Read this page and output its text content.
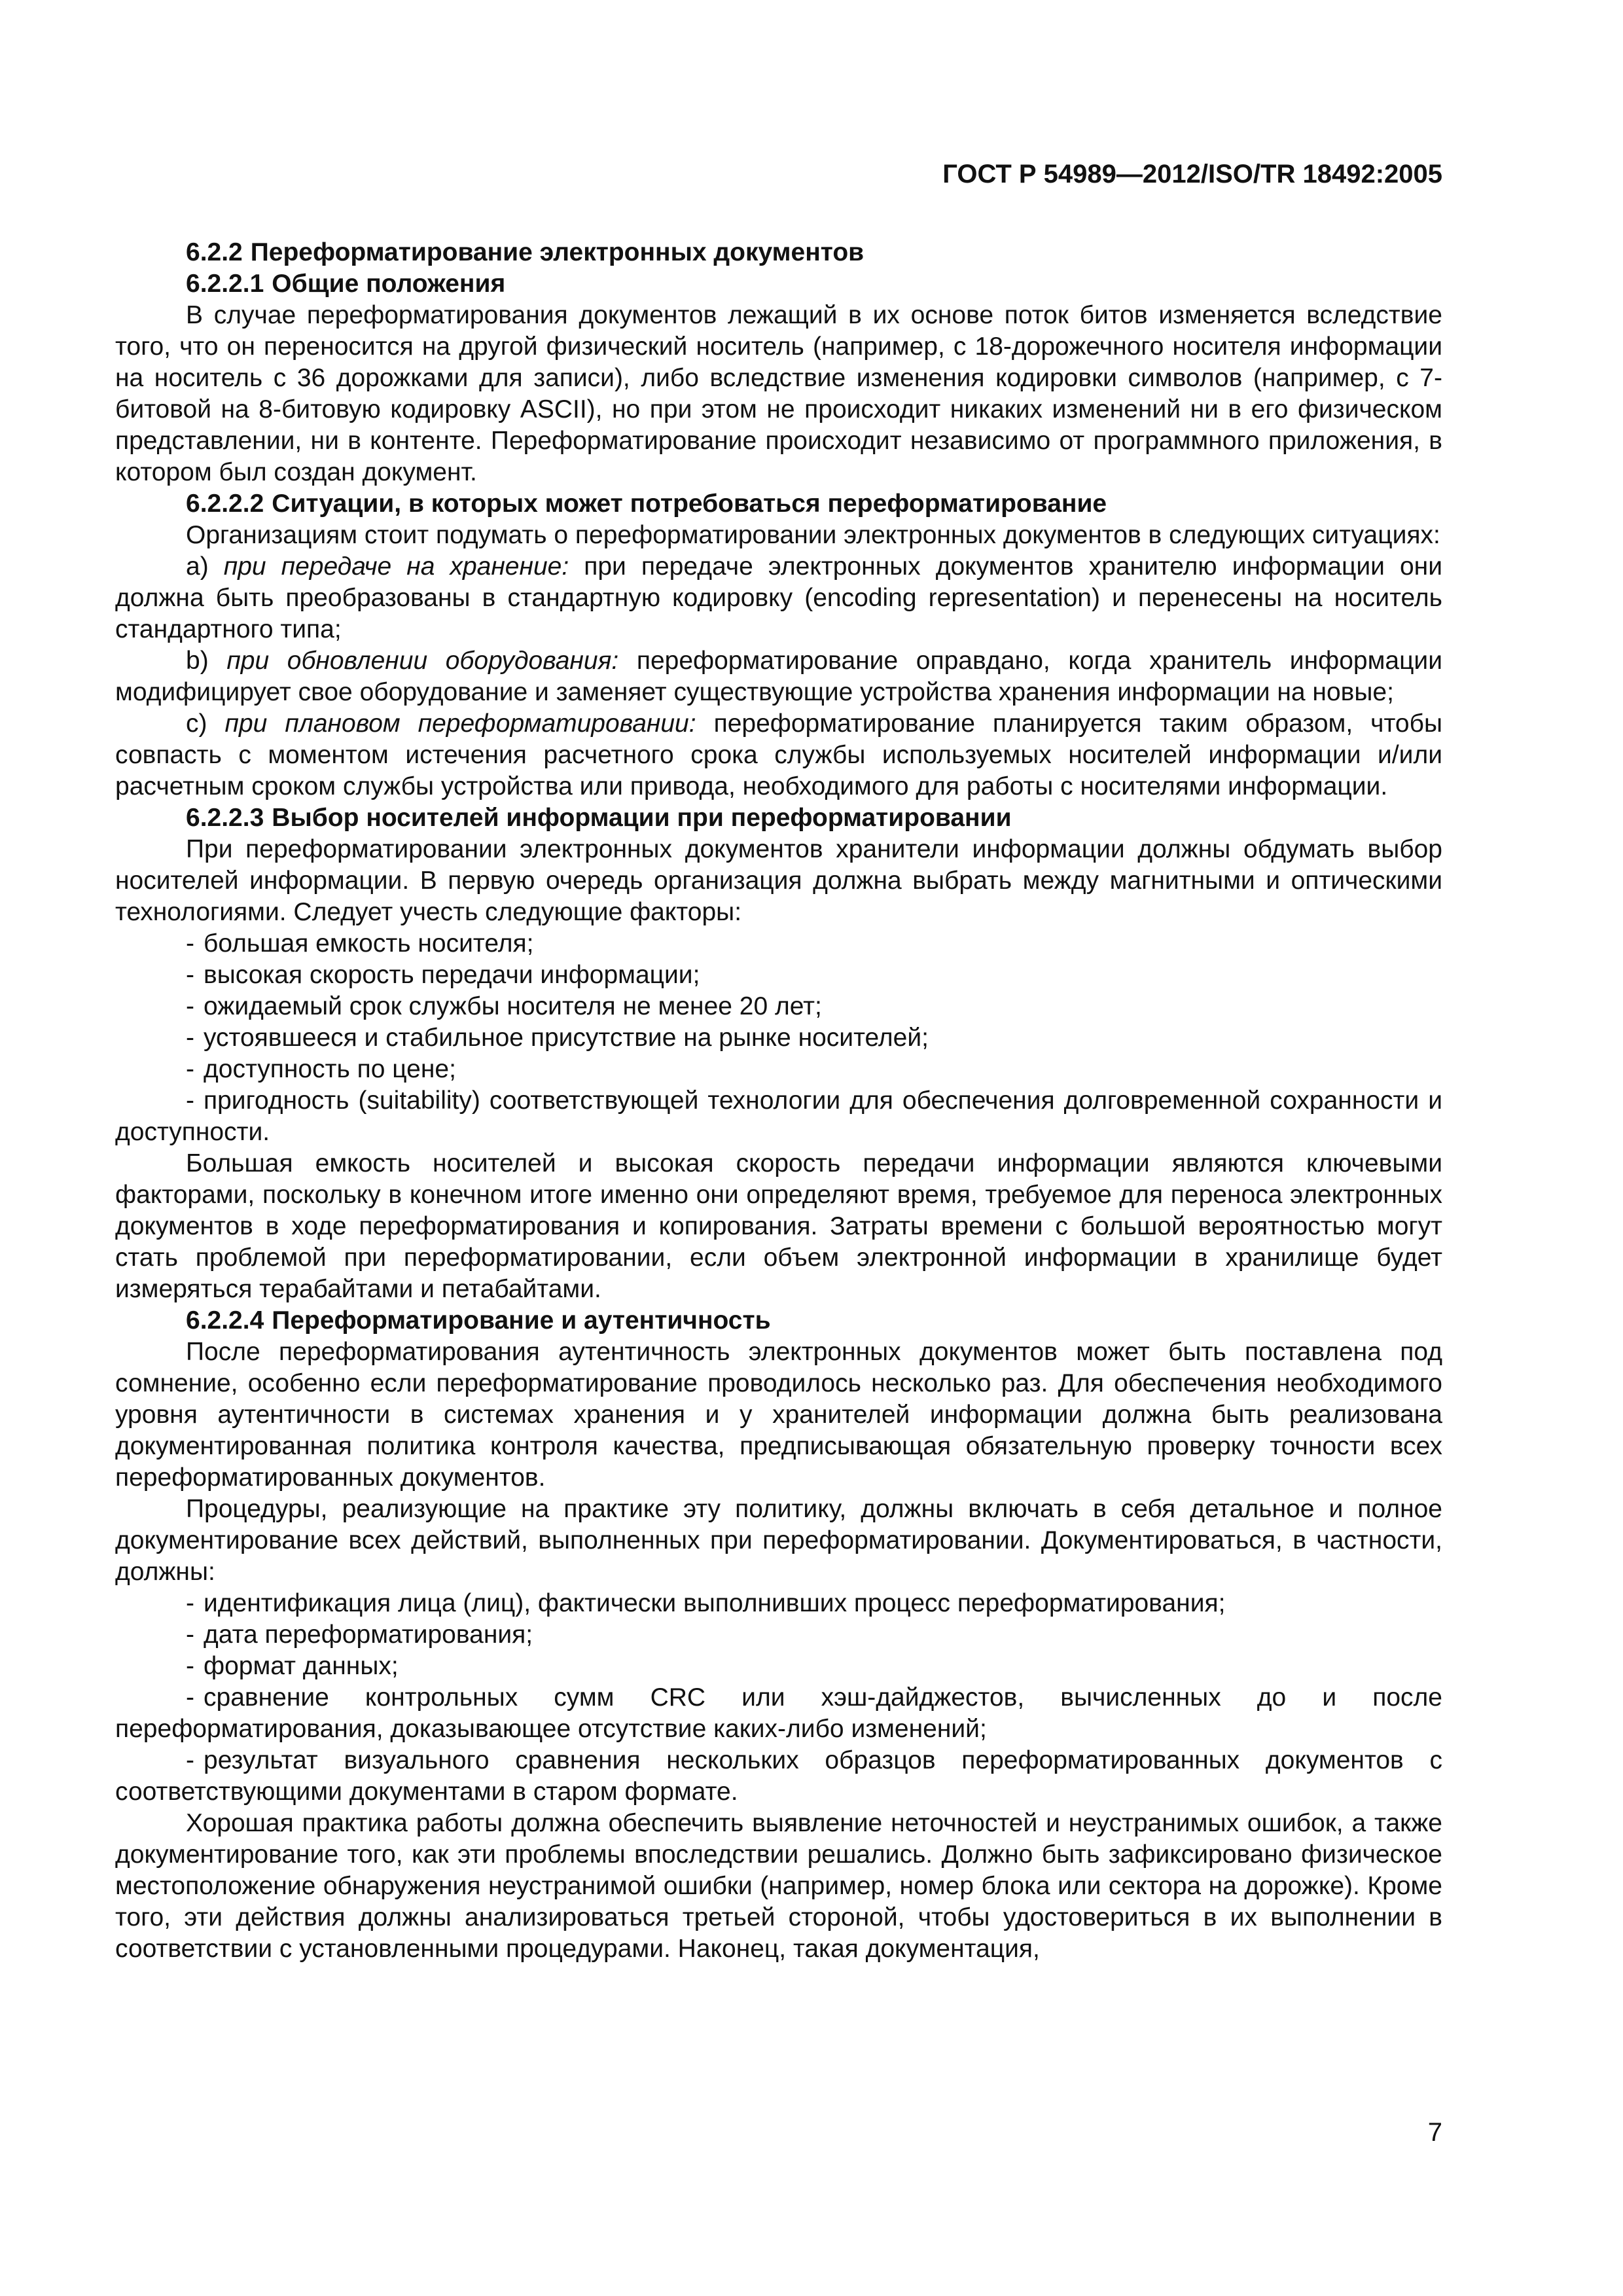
ГОСТ Р 54989—2012/ISO/TR 18492:2005

6.2.2 Переформатирование электронных документов

6.2.2.1 Общие положения

В случае переформатирования документов лежащий в их основе поток битов изменяется вследствие того, что он переносится на другой физический носитель (например, с 18-дорожечного носителя информации на носитель с 36 дорожками для записи), либо вследствие изменения кодировки символов (например, с 7-битовой на 8-битовую кодировку ASCII), но при этом не происходит никаких изменений ни в его физическом представлении, ни в контенте. Переформатирование происходит независимо от программного приложения, в котором был создан документ.

6.2.2.2 Ситуации, в которых может потребоваться переформатирование

Организациям стоит подумать о переформатировании электронных документов в следующих ситуациях:

а) при передаче на хранение: при передаче электронных документов хранителю информации они должна быть преобразованы в стандартную кодировку (encoding representation) и перенесены на носитель стандартного типа;

b) при обновлении оборудования: переформатирование оправдано, когда хранитель информации модифицирует свое оборудование и заменяет существующие устройства хранения информации на новые;

c) при плановом переформатировании: переформатирование планируется таким образом, чтобы совпасть с моментом истечения расчетного срока службы используемых носителей информации и/или расчетным сроком службы устройства или привода, необходимого для работы с носителями информации.

6.2.2.3 Выбор носителей информации при переформатировании

При переформатировании электронных документов хранители информации должны обдумать выбор носителей информации. В первую очередь организация должна выбрать между магнитными и оптическими технологиями. Следует учесть следующие факторы:

- большая емкость носителя;

- высокая скорость передачи информации;

- ожидаемый срок службы носителя не менее 20 лет;

- устоявшееся и стабильное присутствие на рынке носителей;

- доступность по цене;

- пригодность (suitability) соответствующей технологии для обеспечения долговременной сохранности и доступности.

Большая емкость носителей и высокая скорость передачи информации являются ключевыми факторами, поскольку в конечном итоге именно они определяют время, требуемое для переноса электронных документов в ходе переформатирования и копирования. Затраты времени с большой вероятностью могут стать проблемой при переформатировании, если объем электронной информации в хранилище будет измеряться терабайтами и петабайтами.

6.2.2.4 Переформатирование и аутентичность

После переформатирования аутентичность электронных документов может быть поставлена под сомнение, особенно если переформатирование проводилось несколько раз. Для обеспечения необходимого уровня аутентичности в системах хранения и у хранителей информации должна быть реализована документированная политика контроля качества, предписывающая обязательную проверку точности всех переформатированных документов.

Процедуры, реализующие на практике эту политику, должны включать в себя детальное и полное документирование всех действий, выполненных при переформатировании. Документироваться, в частности, должны:

- идентификация лица (лиц), фактически выполнивших процесс переформатирования;

- дата переформатирования;

- формат данных;

- сравнение контрольных сумм CRC или хэш-дайджестов, вычисленных до и после переформатирования, доказывающее отсутствие каких-либо изменений;

- результат визуального сравнения нескольких образцов переформатированных документов с соответствующими документами в старом формате.

Хорошая практика работы должна обеспечить выявление неточностей и неустранимых ошибок, а также документирование того, как эти проблемы впоследствии решались. Должно быть зафиксировано физическое местоположение обнаружения неустранимой ошибки (например, номер блока или сектора на дорожке). Кроме того, эти действия должны анализироваться третьей стороной, чтобы удостовериться в их выполнении в соответствии с установленными процедурами. Наконец, такая документация,

7
